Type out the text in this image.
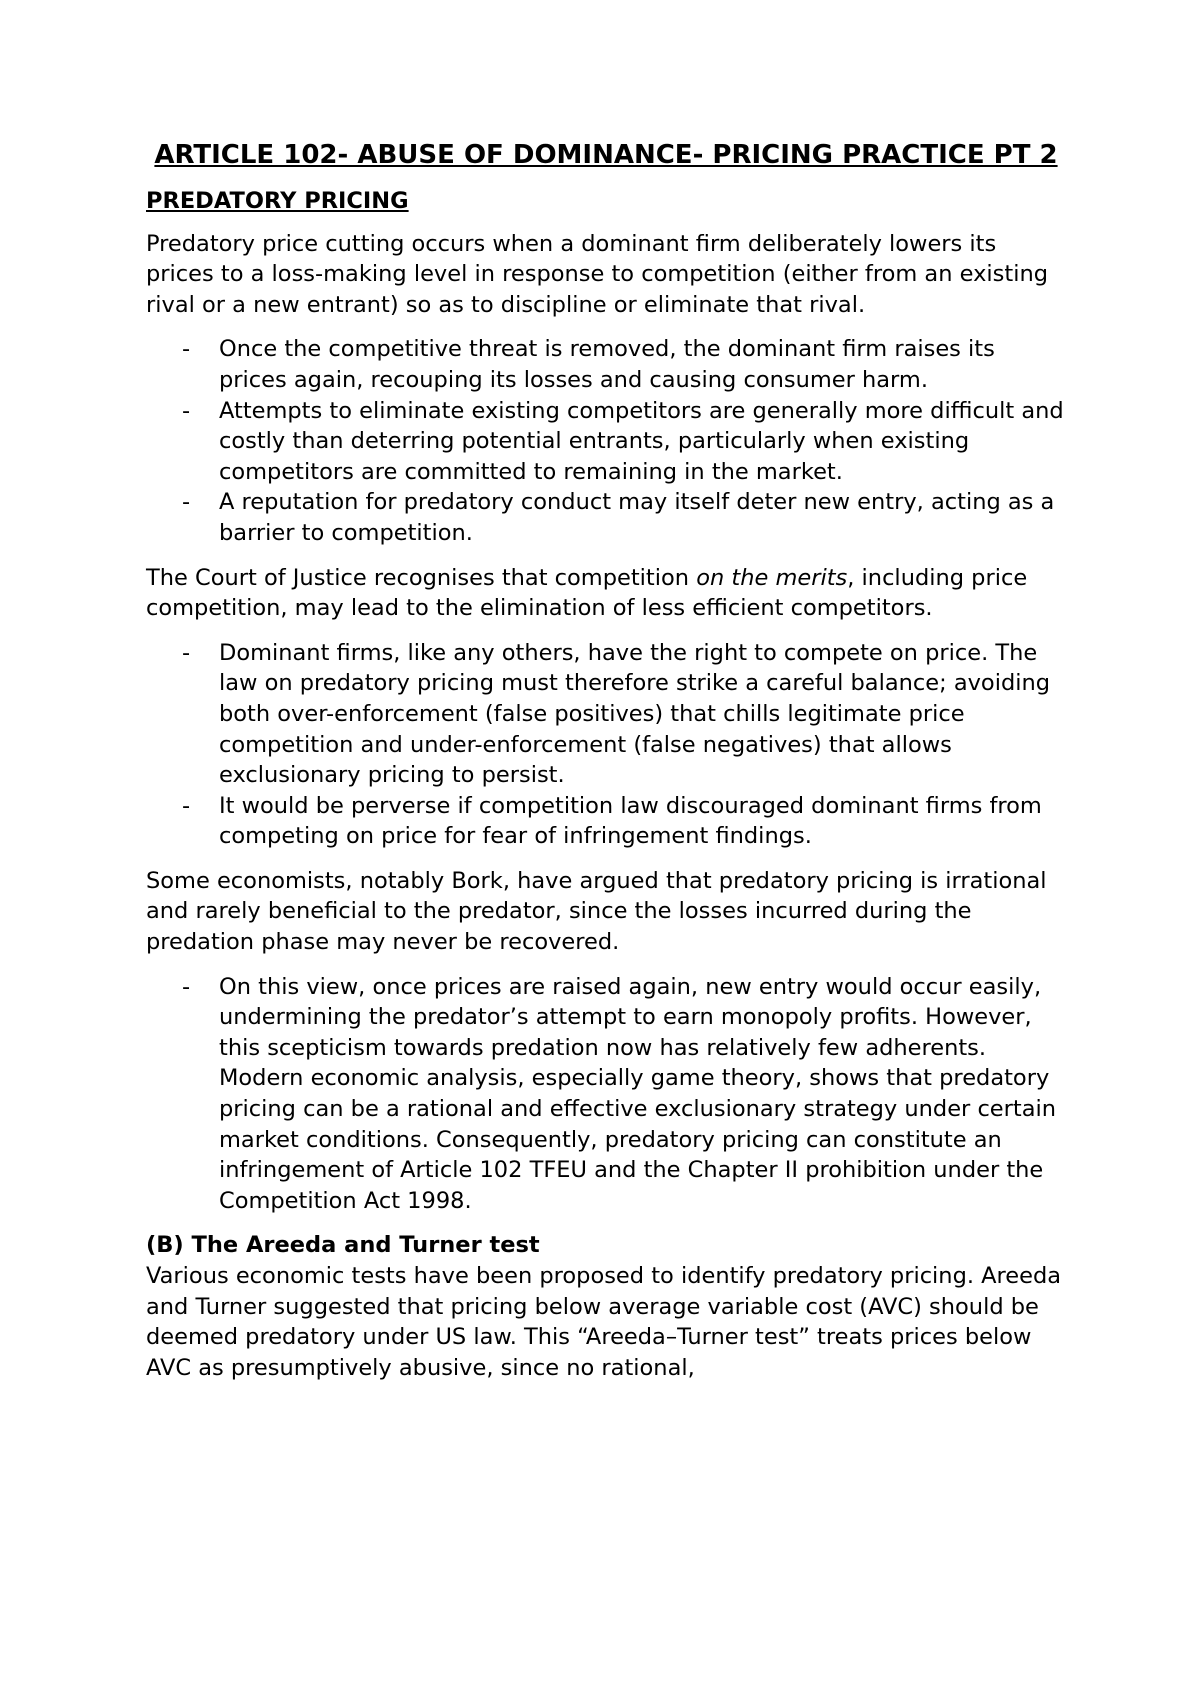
ARTICLE 102- ABUSE OF DOMINANCE- PRICING PRACTICE PT 2
PREDATORY PRICING

Predatory price cutting occurs when a dominant firm deliberately lowers its prices to a loss-making level in response to competition (either from an existing rival or a new entrant) so as to discipline or eliminate that rival.

- Once the competitive threat is removed, the dominant firm raises its prices again, recouping its losses and causing consumer harm.
- Attempts to eliminate existing competitors are generally more difficult and costly than deterring potential entrants, particularly when existing competitors are committed to remaining in the market.
- A reputation for predatory conduct may itself deter new entry, acting as a barrier to competition.

The Court of Justice recognises that competition on the merits, including price competition, may lead to the elimination of less efficient competitors.

- Dominant firms, like any others, have the right to compete on price. The law on predatory pricing must therefore strike a careful balance; avoiding both over-enforcement (false positives) that chills legitimate price competition and under-enforcement (false negatives) that allows exclusionary pricing to persist.
- It would be perverse if competition law discouraged dominant firms from competing on price for fear of infringement findings.

Some economists, notably Bork, have argued that predatory pricing is irrational and rarely beneficial to the predator, since the losses incurred during the predation phase may never be recovered.

- On this view, once prices are raised again, new entry would occur easily, undermining the predator’s attempt to earn monopoly profits. However, this scepticism towards predation now has relatively few adherents. Modern economic analysis, especially game theory, shows that predatory pricing can be a rational and effective exclusionary strategy under certain market conditions. Consequently, predatory pricing can constitute an infringement of Article 102 TFEU and the Chapter II prohibition under the Competition Act 1998.
(B) The Areeda and Turner test
Various economic tests have been proposed to identify predatory pricing. Areeda and Turner suggested that pricing below average variable cost (AVC) should be deemed predatory under US law. This “Areeda–Turner test” treats prices below AVC as presumptively abusive, since no rational,
